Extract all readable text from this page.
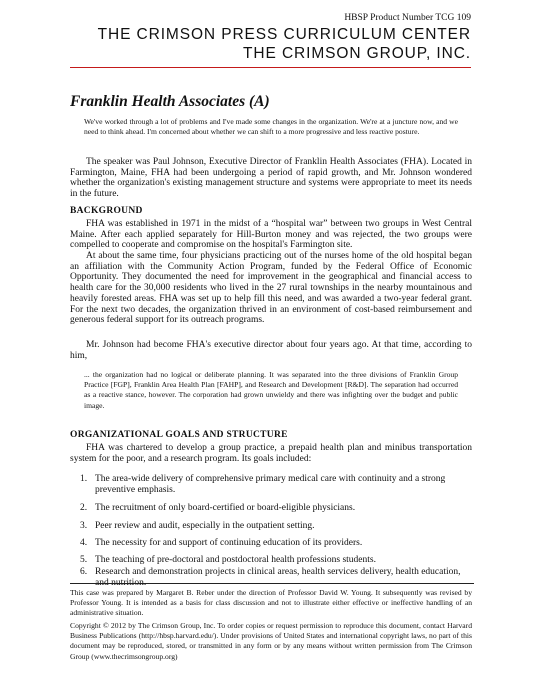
HBSP Product Number TCG 109
THE CRIMSON PRESS CURRICULUM CENTER
THE CRIMSON GROUP, INC.
Franklin Health Associates (A)

We've worked through a lot of problems and I've made some changes in the organization. We're at a juncture now, and we need to think ahead. I'm concerned about whether we can shift to a more progressive and less reactive posture.

The speaker was Paul Johnson, Executive Director of Franklin Health Associates (FHA). Located in Farmington, Maine, FHA had been undergoing a period of rapid growth, and Mr. Johnson wondered whether the organization's existing management structure and systems were appropriate to meet its needs in the future.

BACKGROUND

FHA was established in 1971 in the midst of a “hospital war” between two groups in West Central Maine. After each applied separately for Hill-Burton money and was rejected, the two groups were compelled to cooperate and compromise on the hospital's Farmington site.

At about the same time, four physicians practicing out of the nurses home of the old hospital began an affiliation with the Community Action Program, funded by the Federal Office of Economic Opportunity. They documented the need for improvement in the geographical and financial access to health care for the 30,000 residents who lived in the 27 rural townships in the nearby mountainous and heavily forested areas. FHA was set up to help fill this need, and was awarded a two-year federal grant. For the next two decades, the organization thrived in an environment of cost-based reimbursement and generous federal support for its outreach programs.

Mr. Johnson had become FHA's executive director about four years ago. At that time, according to him,

... the organization had no logical or deliberate planning. It was separated into the three divisions of Franklin Group Practice [FGP], Franklin Area Health Plan [FAHP], and Research and Development [R&D]. The separation had occurred as a reactive stance, however. The corporation had grown unwieldy and there was infighting over the budget and public image.

ORGANIZATIONAL GOALS AND STRUCTURE

FHA was chartered to develop a group practice, a prepaid health plan and minibus transportation system for the poor, and a research program. Its goals included:

1. The area-wide delivery of comprehensive primary medical care with continuity and a strong preventive emphasis.
2. The recruitment of only board-certified or board-eligible physicians.
3. Peer review and audit, especially in the outpatient setting.
4. The necessity for and support of continuing education of its providers.
5. The teaching of pre-doctoral and postdoctoral health professions students.
6. Research and demonstration projects in clinical areas, health services delivery, health education,

This case was prepared by Margaret B. Reber under the direction of Professor David W. Young. It subsequently was revised by Professor Young. It is intended as a basis for class discussion and not to illustrate either effective or ineffective handling of an administrative situation.

Copyright © 2012 by The Crimson Group, Inc. To order copies or request permission to reproduce this document, contact Harvard Business Publications (http://hbsp.harvard.edu/). Under provisions of United States and international copyright laws, no part of this document may be reproduced, stored, or transmitted in any form or by any means without written permission from The Crimson Group (www.thecrimsongroup.org)
